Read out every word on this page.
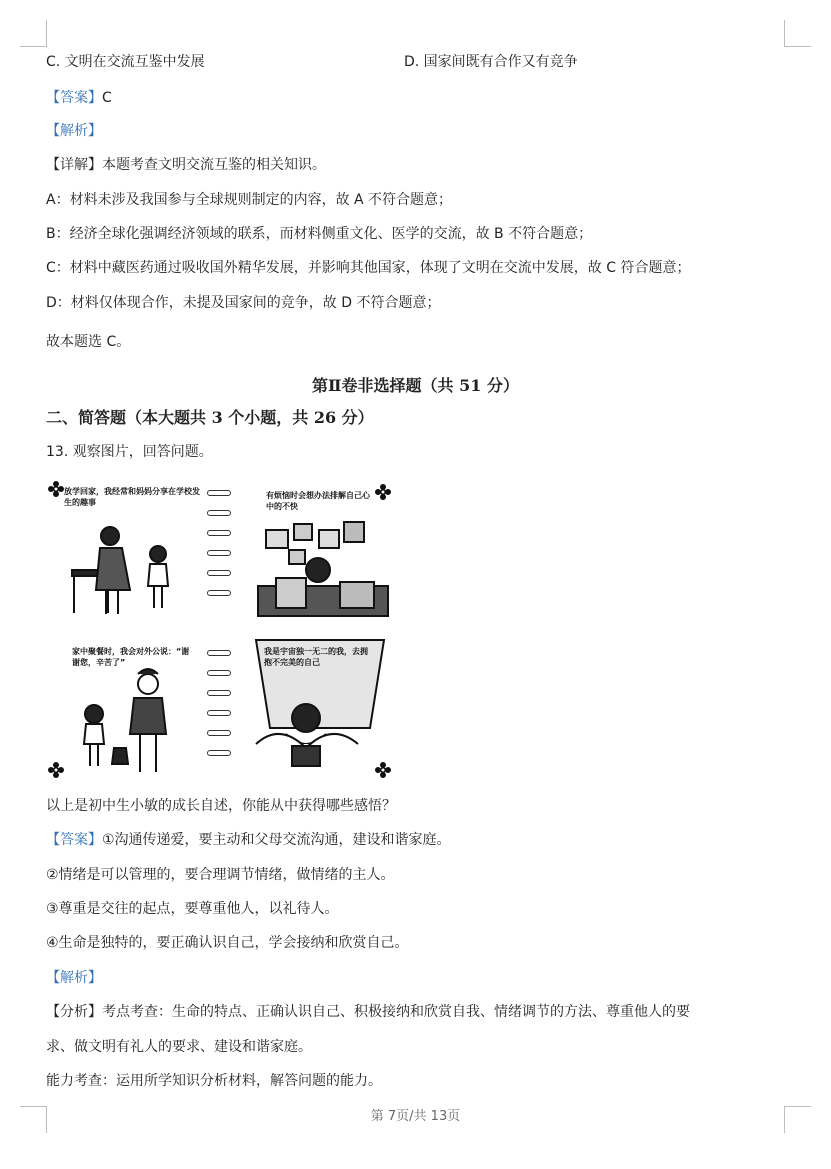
C. 文明在交流互鉴中发展	D. 国家间既有合作又有竞争
【答案】C
【解析】
【详解】本题考查文明交流互鉴的相关知识。
A：材料未涉及我国参与全球规则制定的内容，故 A 不符合题意；
B：经济全球化强调经济领域的联系，而材料侧重文化、医学的交流，故 B 不符合题意；
C：材料中藏医药通过吸收国外精华发展，并影响其他国家，体现了文明在交流中发展，故 C 符合题意；
D：材料仅体现合作，未提及国家间的竞争，故 D 不符合题意；
故本题选 C。
第Ⅱ卷非选择题（共 51 分）
二、简答题（本大题共 3 个小题，共 26 分）
13. 观察图片，回答问题。
放学回家，我经常和妈妈分享在学校发生的趣事
有烦恼时会想办法排解自己心中的不快
家中聚餐时，我会对外公说：“谢谢您，辛苦了”
我是宇宙独一无二的我，去拥抱不完美的自己
以上是初中生小敏的成长自述，你能从中获得哪些感悟？
【答案】①沟通传递爱，要主动和父母交流沟通，建设和谐家庭。
②情绪是可以管理的，要合理调节情绪，做情绪的主人。
③尊重是交往的起点，要尊重他人，以礼待人。
④生命是独特的，要正确认识自己，学会接纳和欣赏自己。
【解析】
【分析】考点考查：生命的特点、正确认识自己、积极接纳和欣赏自我、情绪调节的方法、尊重他人的要
求、做文明有礼人的要求、建设和谐家庭。
能力考查：运用所学知识分析材料，解答问题的能力。
第 7页/共 13页
